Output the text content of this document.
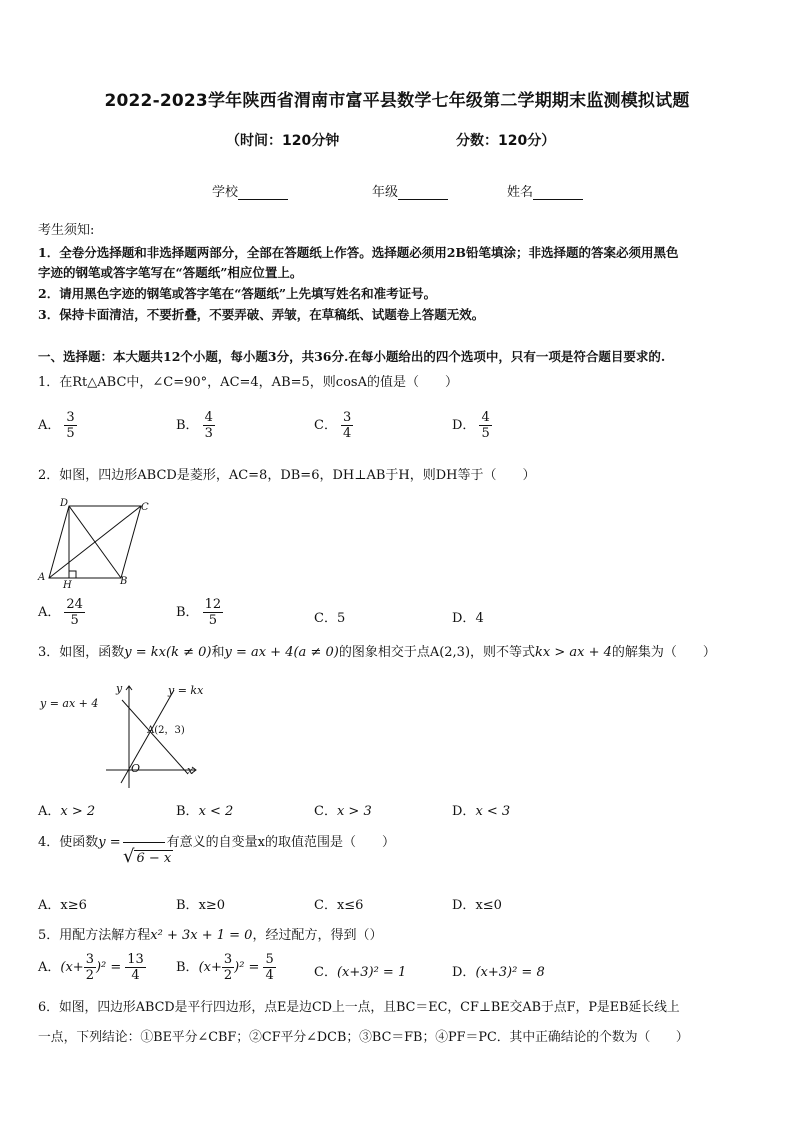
2022-2023学年陕西省渭南市富平县数学七年级第二学期期末监测模拟试题
（时间：120分钟	分数：120分）
学校	年级	姓名
考生须知:
1．全卷分选择题和非选择题两部分，全部在答题纸上作答。选择题必须用2B铅笔填涂；非选择题的答案必须用黑色
字迹的钢笔或答字笔写在“答题纸”相应位置上。
2．请用黑色字迹的钢笔或答字笔在“答题纸”上先填写姓名和准考证号。
3．保持卡面清洁，不要折叠，不要弄破、弄皱，在草稿纸、试题卷上答题无效。
一、选择题：本大题共12个小题，每小题3分，共36分.在每小题给出的四个选项中，只有一项是符合题目要求的.
1．在Rt△ABC中，∠C=90°，AC=4，AB=5，则cosA的值是（　　）
A． $\frac{3}{5}$	B． $\frac{4}{3}$	C． $\frac{3}{4}$	D． $\frac{4}{5}$
2．如图，四边形ABCD是菱形，AC=8，DB=6，DH⊥AB于H，则DH等于（　　）
D	C
A
H	B
A． $\frac{24}{5}$	B． $\frac{12}{5}$	C．5	D．4
3．如图，函数y = kx(k ≠ 0)和y = ax + 4(a ≠ 0)的图象相交于点A(2,3)，则不等式kx > ax + 4的解集为（　　）
y = ax + 4
y = kx
y
x
O
A(2，3)
A．x > 2	B．x < 2	C．x > 3	D．x < 3
4．使函数y =	有意义的自变量x的取值范围是（　　）
√ 6 − x
A．x≥6	B．x≥0	C．x≤6	D．x≤0
5．用配方法解方程x² + 3x + 1 = 0，经过配方，得到（）
A．$(x+ \frac{3}{2} )^2 = \frac{13}{4}$ B．$(x+ \frac{3}{2} )^2 = \frac{5}{4}$	C．(x+3)² = 1	D．(x+3)² = 8
6．如图，四边形ABCD是平行四边形，点E是边CD上一点，且BC＝EC，CF⊥BE交AB于点F，P是EB延长线上
一点，下列结论：①BE平分∠CBF；②CF平分∠DCB；③BC＝FB；④PF＝PC．其中正确结论的个数为（　　）
